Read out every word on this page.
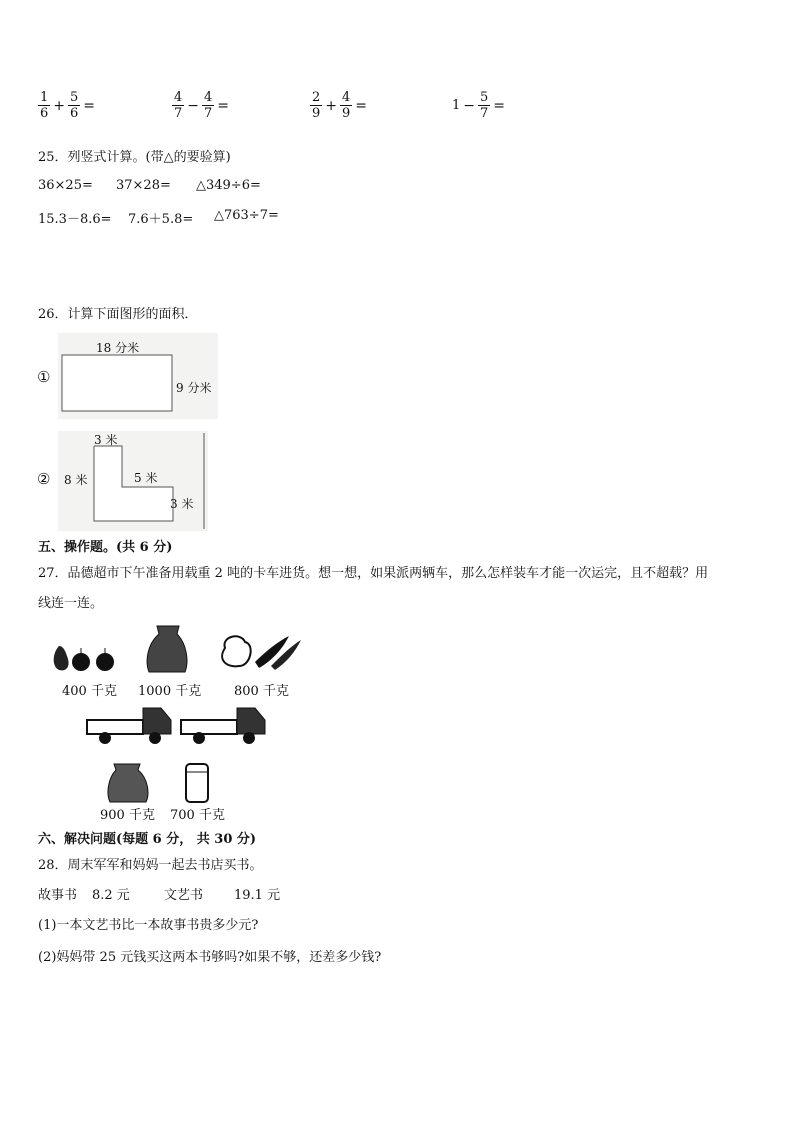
$\frac{1}{6} + \frac{5}{6}$ =	$\frac{4}{7} - \frac{4}{7}$ =	$\frac{2}{9} + \frac{4}{9}$ =	$1 - \frac{5}{7}$ =
25．列竖式计算。(带△的要验算)
36×25= 37×28= △349÷6=
15.3－8.6= 7.6＋5.8= △763÷7=
26．计算下面图形的面积．
①
18 分米
9 分米
②
3 米
8 米	5 米
3 米
五、操作题。(共 6 分)
27．品德超市下午准备用载重 2 吨的卡车进货。想一想，如果派两辆车，那么怎样装车才能一次运完，且不超载？用
线连一连。
400 千克 1000 千克	800 千克
900 千克 700 千克
六、解决问题(每题 6 分， 共 30 分)
28．周末军军和妈妈一起去书店买书。
故事书 8.2 元	文艺书 19.1 元
(1)一本文艺书比一本故事书贵多少元?
(2)妈妈带 25 元钱买这两本书够吗?如果不够，还差多少钱?
